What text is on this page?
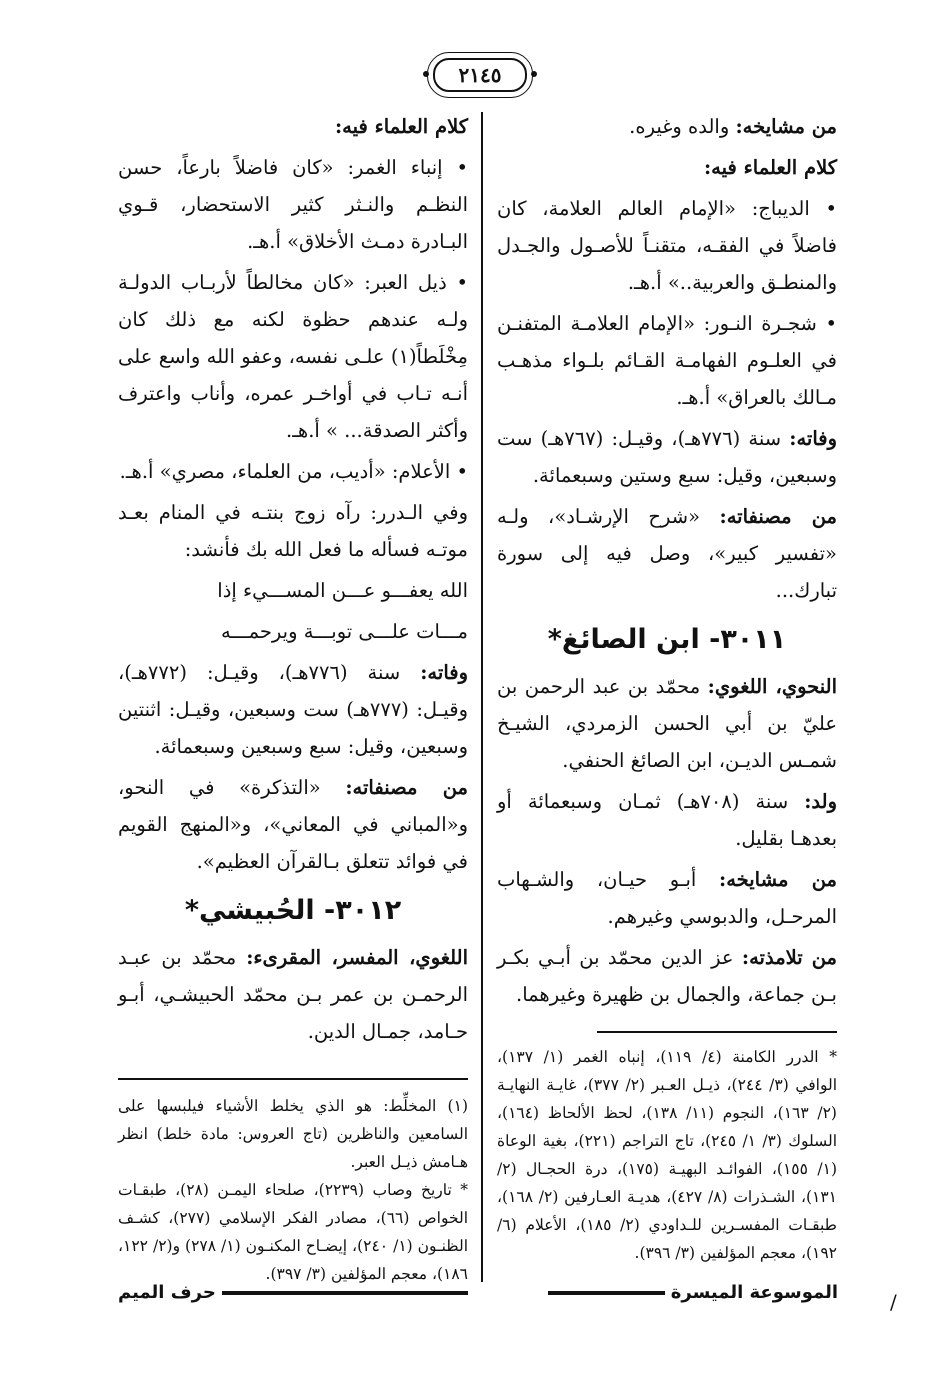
٢١٤٥

من مشايخه: والده وغيره.

كلام العلماء فيه:

• الديباج: «الإمام العالم العلامة، كان فاضلاً في الفقـه، متقنـاً للأصـول والجـدل والمنطـق والعربية..» أ.هـ.

• شجـرة النـور: «الإمام العلامـة المتفنـن في العلـوم الفهامـة القـائم بلـواء مذهـب مـالك بالعراق» أ.هـ.

وفاته: سنة (٧٧٦هـ)، وقيـل: (٧٦٧هـ) ست وسبعين، وقيل: سبع وستين وسبعمائة.

من مصنفاته: «شرح الإرشـاد»، ولـه «تفسير كبير»، وصل فيه إلى سورة تبارك...

٣٠١١- ابن الصائغ*

النحوي، اللغوي: محمّد بن عبد الرحمن بن عليّ بن أبي الحسن الزمردي، الشيـخ شمـس الديـن، ابن الصائغ الحنفي.

ولد: سنة (٧٠٨هـ) ثمـان وسبعمائة أو بعدهـا بقليل.

من مشايخه: أبـو حيـان، والشـهاب المرحـل، والدبوسي وغيرهم.

من تلامذته: عز الدين محمّد بن أبـي بكـر بـن جماعة، والجمال بن ظهيرة وغيرهما.

* الدرر الكامنة (٤/ ١١٩)، إنباه الغمر (١/ ١٣٧)، الوافي (٣/ ٢٤٤)، ذيـل العـبر (٢/ ٣٧٧)، غايـة النهايـة (٢/ ١٦٣)، النجوم (١١/ ١٣٨)، لحظ الألحاظ (١٦٤)، السلوك (٣/ ١/ ٢٤٥)، تاج التراجم (٢٢١)، بغية الوعاة (١/ ١٥٥)، الفوائـد البهيـة (١٧٥)، درة الحجـال (٢/ ١٣١)، الشـذرات (٨/ ٤٢٧)، هديـة العـارفين (٢/ ١٦٨)، طبقـات المفسـرين للـداودي (٢/ ١٨٥)، الأعلام (٦/ ١٩٢)، معجم المؤلفين (٣/ ٣٩٦).

كلام العلماء فيه:

• إنباء الغمر: «كان فاضلاً بارعاً، حسن النظـم والنـثر كثير الاستحضار، قـوي البـادرة دمـث الأخلاق» أ.هـ.

• ذيل العبر: «كان مخالطاً لأربـاب الدولـة ولـه عندهم حظوة لكنه مع ذلك كان مِخْلَطاً(١) علـى نفسه، وعفو الله واسع على أنـه تـاب في أواخـر عمره، وأناب واعترف وأكثر الصدقة... » أ.هـ.

• الأعلام: «أديب، من العلماء، مصري» أ.هـ.

وفي الـدرر: رآه زوج بنتـه في المنام بعـد موتـه فسأله ما فعل الله بك فأنشد:

الله يعفـــو عـــن المســـيء إذا
مـــات علـــى توبـــة ويرحمـــه

وفاته: سنة (٧٧٦هـ)، وقيـل: (٧٧٢هـ)، وقيـل: (٧٧٧هـ) ست وسبعين، وقيـل: اثنتين وسبعين، وقيل: سبع وسبعين وسبعمائة.

من مصنفاته: «التذكرة» في النحو، و«المباني في المعاني»، و«المنهج القويم في فوائد تتعلق بـالقرآن العظيم».

٣٠١٢- الحُبيشي*

اللغوي، المفسر، المقرىء: محمّد بن عبـد الرحمـن بن عمر بـن محمّد الحبيشـي، أبـو حـامد، جمـال الدين.

(١) المخلِّط: هو الذي يخلط الأشياء فيلبسها على السامعين والناظرين (تاج العروس: مادة خلط) انظر هـامش ذيـل العبر.
* تاريخ وصاب (٢٢٣٩)، صلحاء اليمـن (٢٨)، طبقـات الخواص (٦٦)، مصادر الفكر الإسلامي (٢٧٧)، كشـف الظنـون (١/ ٢٤٠)، إيضـاح المكنـون (١/ ٢٧٨) و(٢/ ١٢٢، ١٨٦)، معجم المؤلفين (٣/ ٣٩٧).
الموسوعة الميسرة
حرف الميم	/
